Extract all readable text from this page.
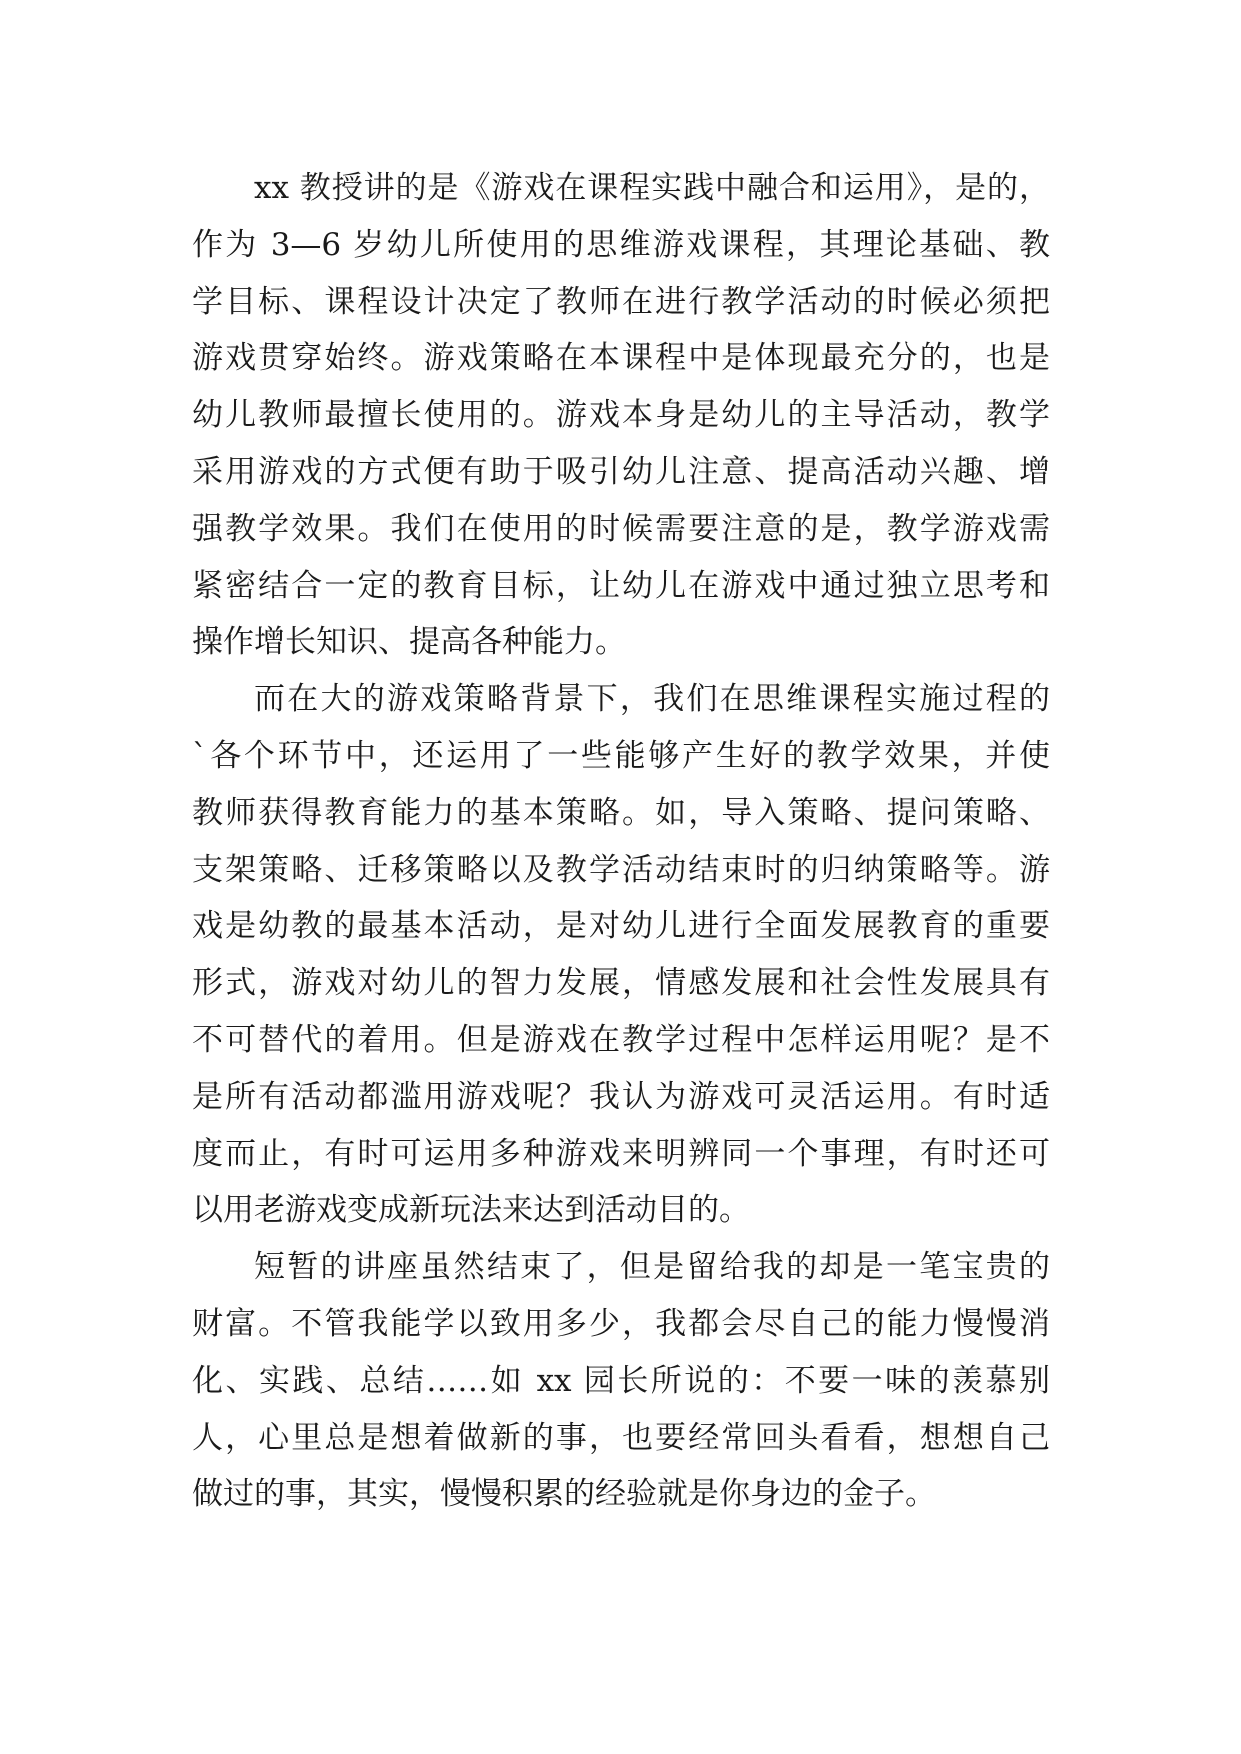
xx 教授讲的是《游戏在课程实践中融合和运用》，是的，
作为 3—6 岁幼儿所使用的思维游戏课程，其理论基础、教
学目标、课程设计决定了教师在进行教学活动的时候必须把
游戏贯穿始终。游戏策略在本课程中是体现最充分的，也是
幼儿教师最擅长使用的。游戏本身是幼儿的主导活动，教学
采用游戏的方式便有助于吸引幼儿注意、提高活动兴趣、增
强教学效果。我们在使用的时候需要注意的是，教学游戏需
紧密结合一定的教育目标，让幼儿在游戏中通过独立思考和
操作增长知识、提高各种能力。
而在大的游戏策略背景下，我们在思维课程实施过程的
`各个环节中，还运用了一些能够产生好的教学效果，并使
教师获得教育能力的基本策略。如，导入策略、提问策略、
支架策略、迁移策略以及教学活动结束时的归纳策略等。游
戏是幼教的最基本活动，是对幼儿进行全面发展教育的重要
形式，游戏对幼儿的智力发展，情感发展和社会性发展具有
不可替代的着用。但是游戏在教学过程中怎样运用呢？是不
是所有活动都滥用游戏呢？我认为游戏可灵活运用。有时适
度而止，有时可运用多种游戏来明辨同一个事理，有时还可
以用老游戏变成新玩法来达到活动目的。
短暂的讲座虽然结束了，但是留给我的却是一笔宝贵的
财富。不管我能学以致用多少，我都会尽自己的能力慢慢消
化、实践、总结……如 xx 园长所说的：不要一味的羡慕别
人，心里总是想着做新的事，也要经常回头看看，想想自己
做过的事，其实，慢慢积累的经验就是你身边的金子。
